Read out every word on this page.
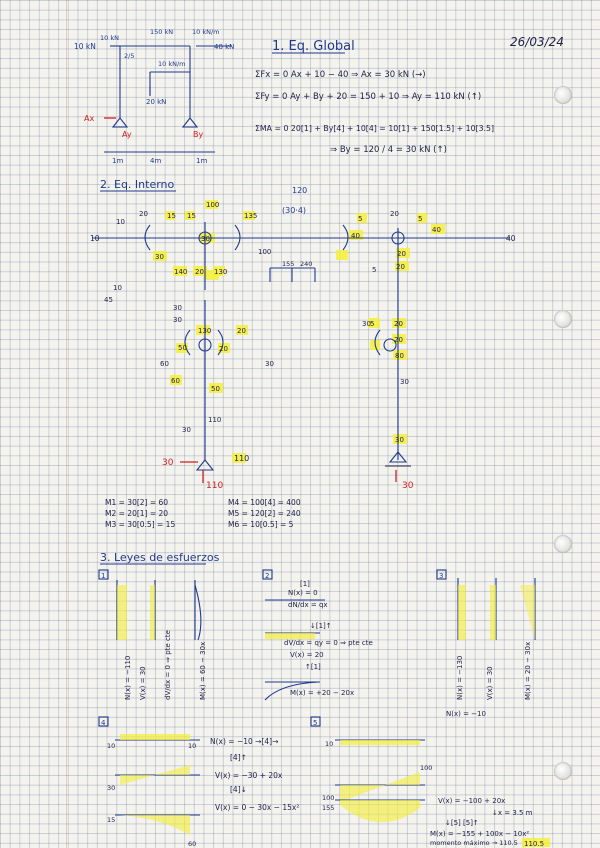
1. Eq. Global	26/03/24
10 kN
10 kN
150 kN	10 kN/m
40 kN
2/5
10 kN/m
20 kN
Ax
Ay	By
1m	4m	1m
ΣFx = 0 Ax + 10 − 40 ⇒ Ax = 30 kN (→)
ΣFy = 0 Ay + By + 20 = 150 + 10 ⇒ Ay = 110 kN (↑)
ΣMA = 0 20[1] + By[4] + 10[4] = 10[1] + 150[1.5] + 10[3.5]
⇒ By = 120 / 4 = 30 kN (↑)
2. Eq. Interno	120
(30·4)
10	40
20	15 15
100
135
30
10
140 20 130
30
5
20
5
40
20
5	20
40
155
100
240
45
10
30
50
130
30
20
20
60
60
50
30
110
30
30 5	20
20
30
80
30
30	110
110	30
M1 = 30[2] = 60
M2 = 20[1] = 20
M3 = 30[0.5] = 15
M4 = 100[4] = 400
M5 = 120[2] = 240
M6 = 10[0.5] = 5
3. Leyes de esfuerzos
1
N(x) = −110 V(x) = 30 dV/dx = 0 ⇒ pte cte	M(x) = 60 − 30x
2
[1]
N(x) = 0
dN/dx = qx
↓[1]↑
dV/dx = qy = 0 ⇒ pte cte
V(x) = 20
↑[1]
M(x) = +20 − 20x
3
N(x) = −130	V(x) = 30	M(x) = 20 − 30x
N(x) = −10
4
10	10
30
60
15
N(x) = −10 →[4]→
[4]↑
V(x) = −30 + 20x
[4]↓
V(x) = 0 − 30x − 15x²
5
10
100
100
155
V(x) = −100 + 20x
↓x = 3.5 m
↓[5] [5]↑
M(x) = −155 + 100x − 10x²
momento máximo → 110.5 110.5
